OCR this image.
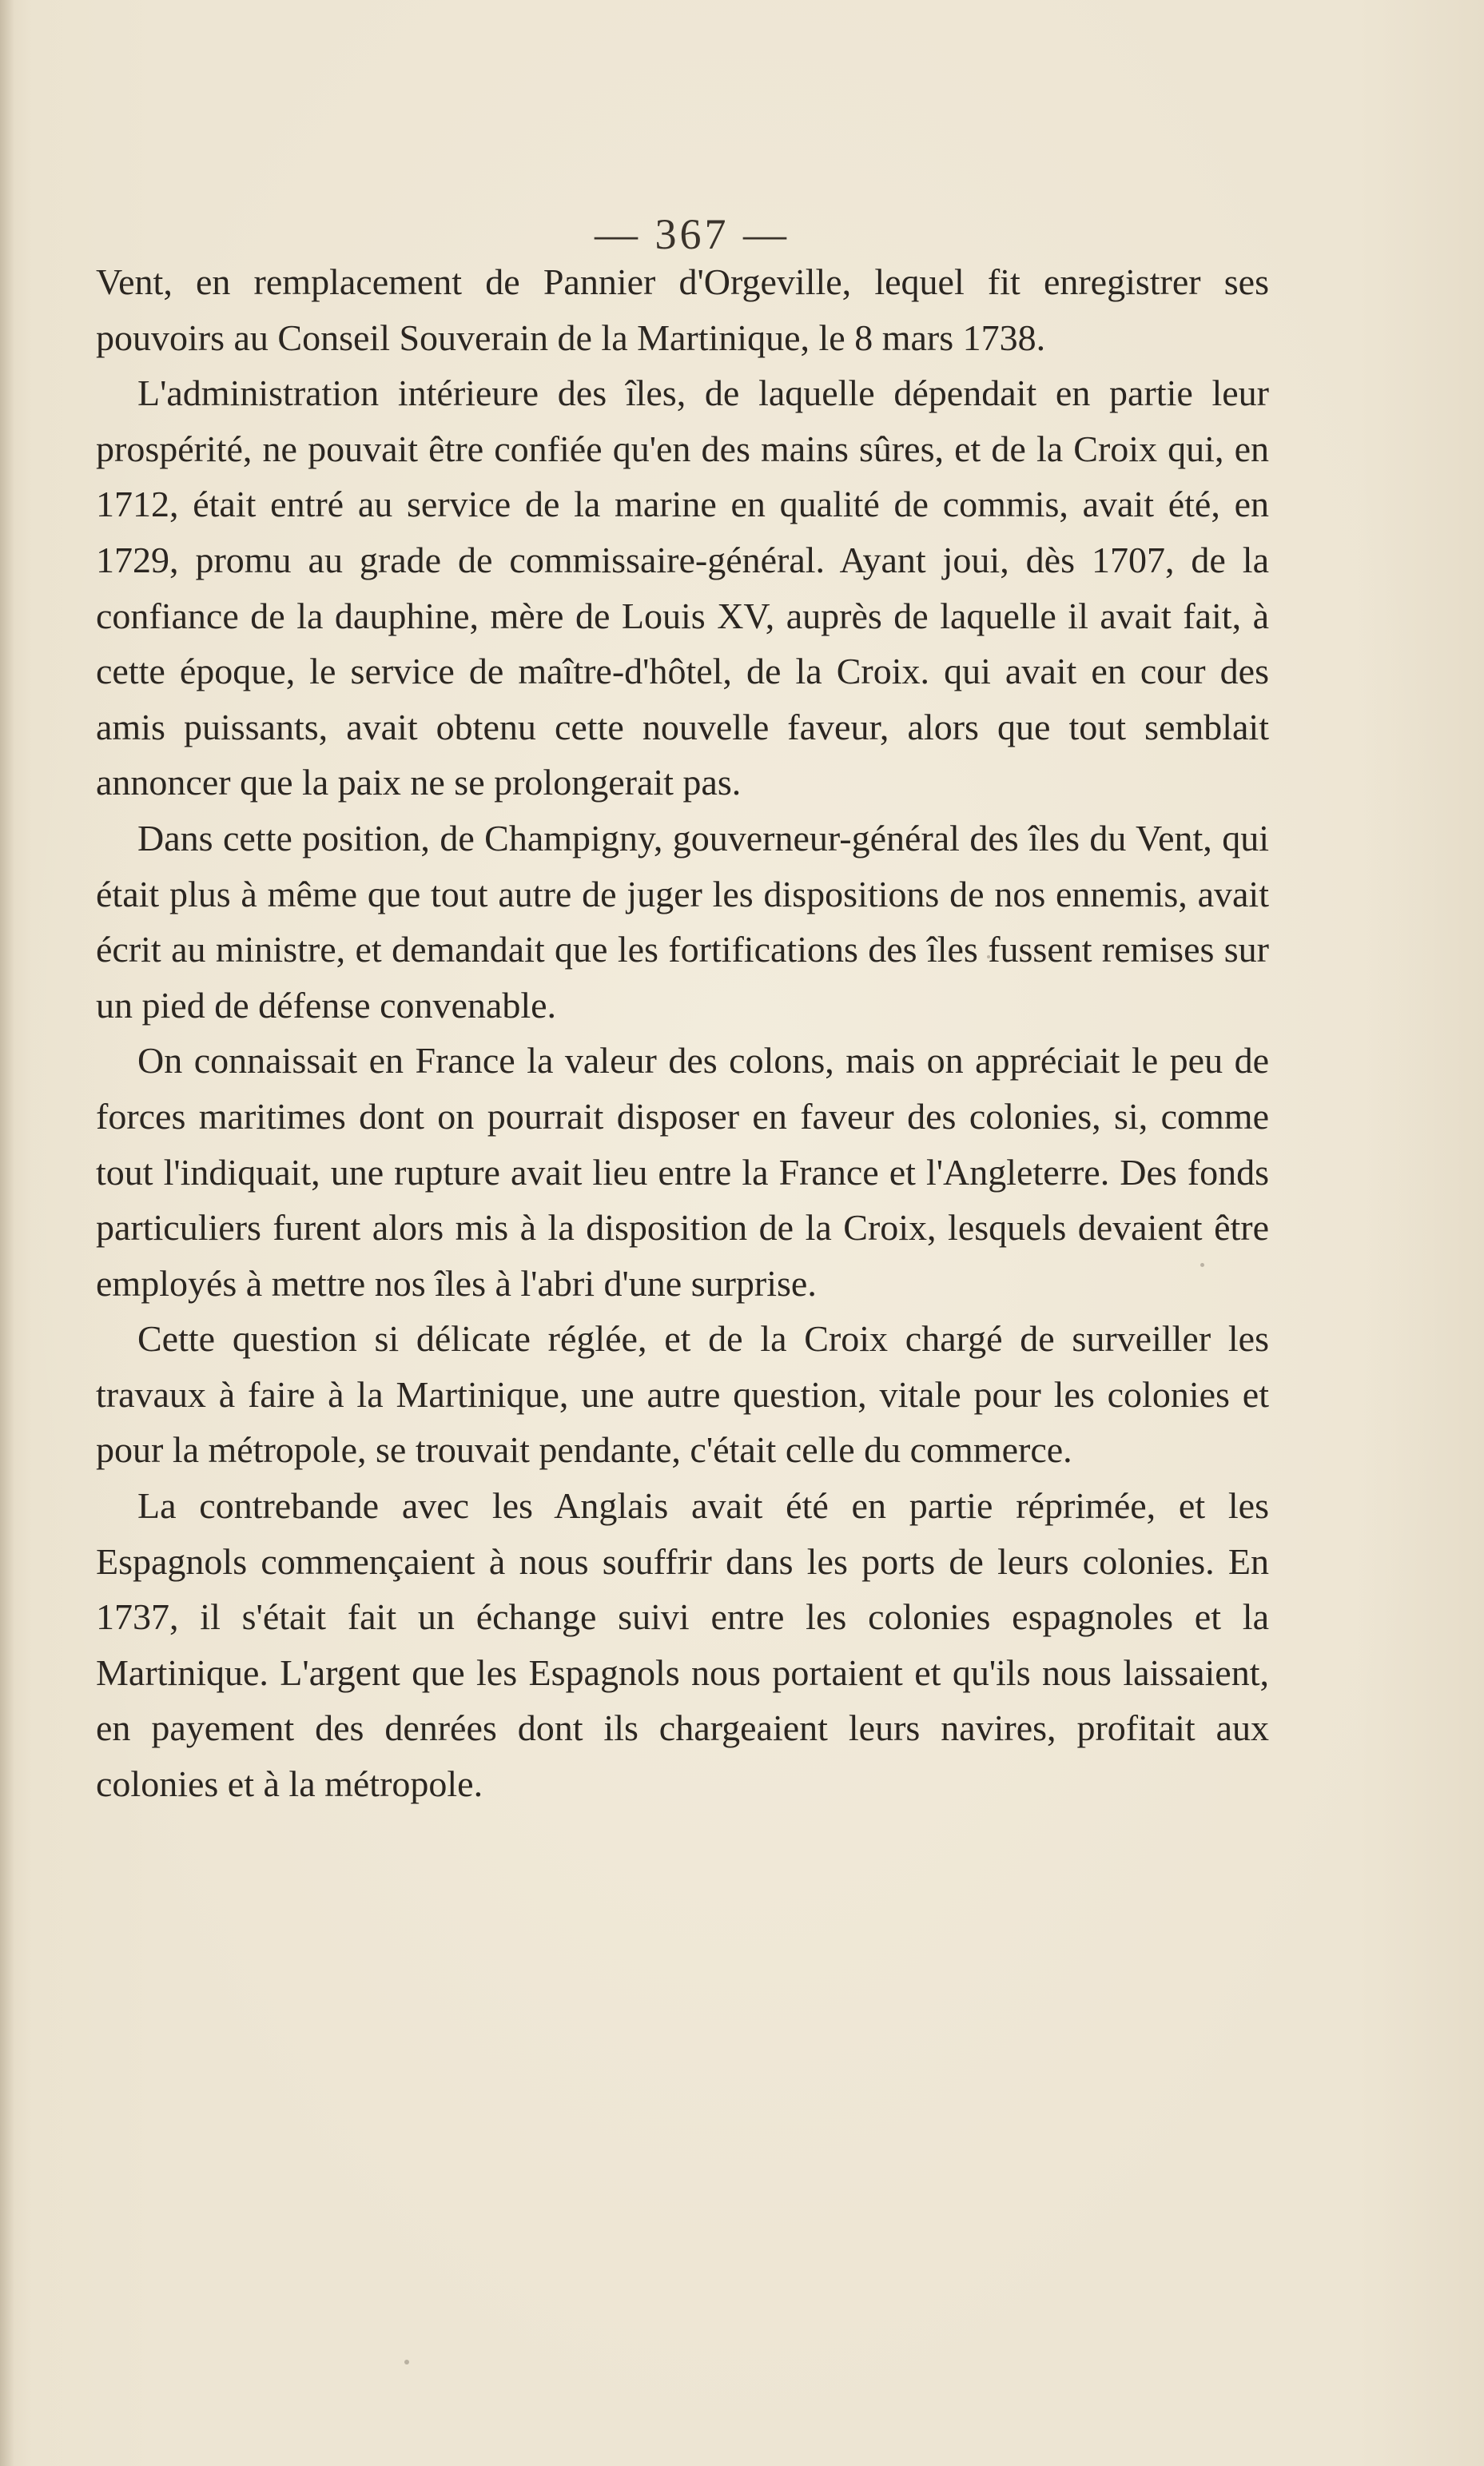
— 367 —

Vent, en remplacement de Pannier d'Orgeville, lequel fit enregistrer ses pouvoirs au Conseil Souverain de la Martinique, le 8 mars 1738.

L'administration intérieure des îles, de laquelle dépendait en partie leur prospérité, ne pouvait être confiée qu'en des mains sûres, et de la Croix qui, en 1712, était entré au service de la marine en qualité de commis, avait été, en 1729, promu au grade de commissaire-général. Ayant joui, dès 1707, de la confiance de la dauphine, mère de Louis XV, auprès de laquelle il avait fait, à cette époque, le service de maître-d'hôtel, de la Croix. qui avait en cour des amis puissants, avait obtenu cette nouvelle faveur, alors que tout semblait annoncer que la paix ne se prolongerait pas.

Dans cette position, de Champigny, gouverneur-général des îles du Vent, qui était plus à même que tout autre de juger les dispositions de nos ennemis, avait écrit au ministre, et demandait que les fortifications des îles fussent remises sur un pied de défense convenable.

On connaissait en France la valeur des colons, mais on appréciait le peu de forces maritimes dont on pourrait disposer en faveur des colonies, si, comme tout l'indiquait, une rupture avait lieu entre la France et l'Angleterre. Des fonds particuliers furent alors mis à la disposition de la Croix, lesquels devaient être employés à mettre nos îles à l'abri d'une surprise.

Cette question si délicate réglée, et de la Croix chargé de surveiller les travaux à faire à la Martinique, une autre question, vitale pour les colonies et pour la métropole, se trouvait pendante, c'était celle du commerce.

La contrebande avec les Anglais avait été en partie réprimée, et les Espagnols commençaient à nous souffrir dans les ports de leurs colonies. En 1737, il s'était fait un échange suivi entre les colonies espagnoles et la Martinique. L'argent que les Espagnols nous portaient et qu'ils nous laissaient, en payement des denrées dont ils chargeaient leurs navires, profitait aux colonies et à la métropole.
